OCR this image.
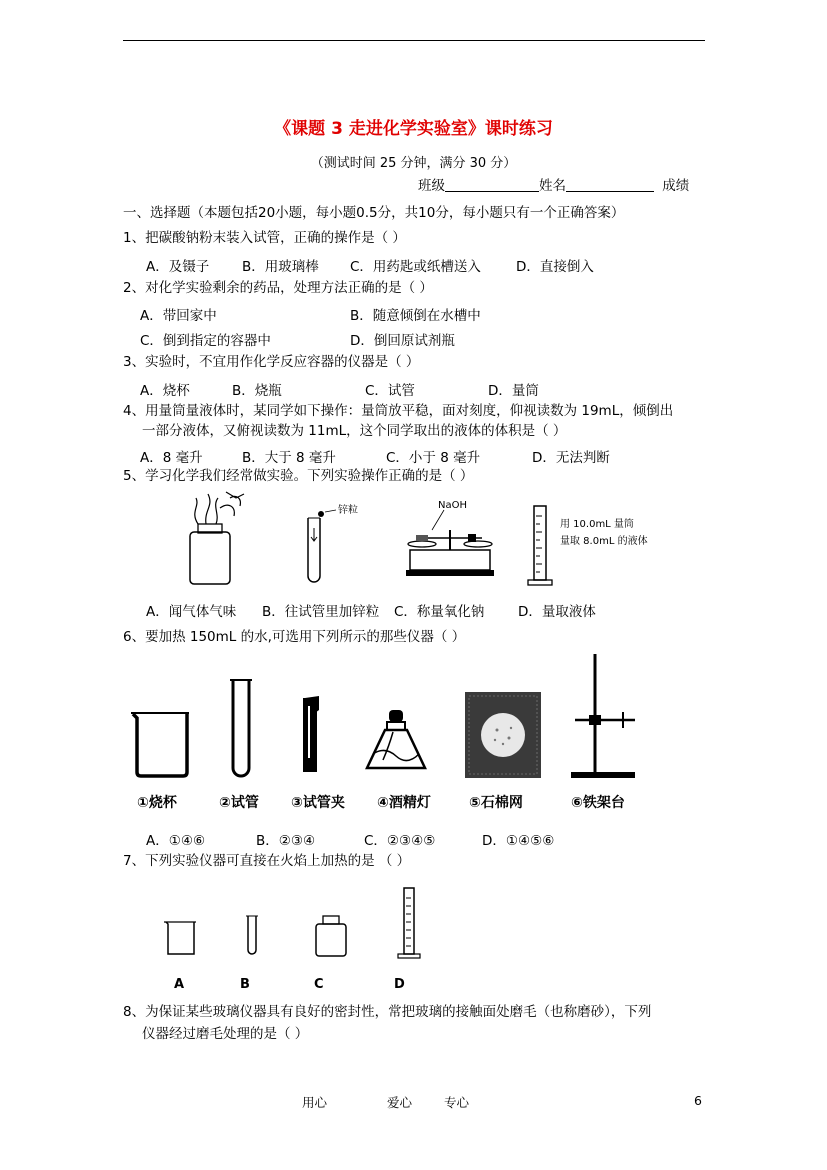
《课题 3 走进化学实验室》课时练习
（测试时间 25 分钟，满分 30 分）
班级	姓名	成绩
一、选择题（本题包括20小题，每小题0.5分，共10分，每小题只有一个正确答案）
1、把碳酸钠粉末装入试管，正确的操作是（ ）
A．及镊子 B．用玻璃棒 C．用药匙或纸槽送入	D．直接倒入
2、对化学实验剩余的药品，处理方法正确的是（ ）
A．带回家中	B．随意倾倒在水槽中
C．倒到指定的容器中	D．倒回原试剂瓶
3、实验时，不宜用作化学反应容器的仪器是（ ）
A．烧杯	B．烧瓶	C．试管	D．量筒
4、用量筒量液体时，某同学如下操作：量筒放平稳，面对刻度，仰视读数为 19mL，倾倒出
一部分液体，又俯视读数为 11mL，这个同学取出的液体的体积是（ ）
A．8 毫升	B．大于 8 毫升	C．小于 8 毫升	D．无法判断
5、学习化学我们经常做实验。下列实验操作正确的是（ ）
锌粒	NaOH
用 10.0mL 量筒
量取 8.0mL 的液体
A．闻气体气味 B．往试管里加锌粒 C．称量氧化钠 D．量取液体
6、要加热 150mL 的水,可选用下列所示的那些仪器（ ）
①烧杯	②试管 ③试管夹 ④酒精灯	⑤石棉网	⑥铁架台
A．①④⑥	B．②③④	C．②③④⑤	D．①④⑤⑥
7、下列实验仪器可直接在火焰上加热的是 （ ）
A	B	C	D
8、为保证某些玻璃仪器具有良好的密封性，常把玻璃的接触面处磨毛（也称磨砂），下列
仪器经过磨毛处理的是（ ）
用心	爱心	专心	6
